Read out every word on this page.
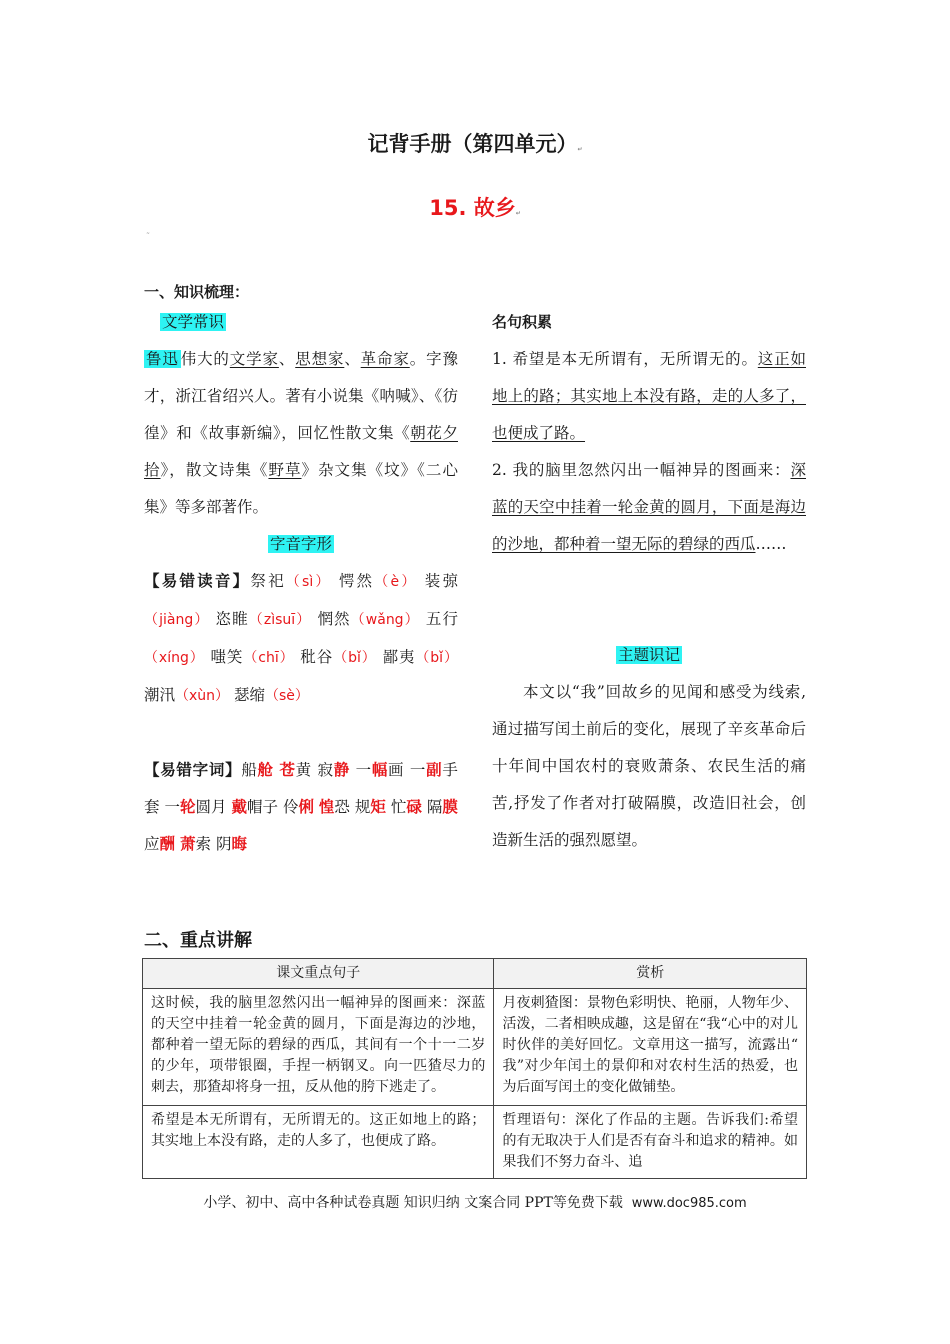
记背手册（第四单元）↵
15. 故乡↵
˜
一、知识梳理：

文学常识

鲁迅 伟大的文学家、思想家、革命家。字豫才，浙江省绍兴人。著有小说集《呐喊》、《彷徨》和《故事新编》，回忆性散文集《朝花夕拾》，散文诗集《野草》杂文集《坟》《二心集》等多部著作。

字音字形

【易错读音】祭祀（sì） 愕然（è） 装弶（jiàng） 恣睢（zìsuī） 惘然（wǎng） 五行（xíng） 嗤笑（chī） 秕谷（bǐ） 鄙夷（bǐ） 潮汛（xùn） 瑟缩（sè）

【易错字词】船舱 苍黄 寂静 一幅画 一副手套 一轮圆月 戴帽子 伶俐 惶恐 规矩 忙碌 隔膜 应酬 萧索 阴晦

名句积累

1. 希望是本无所谓有，无所谓无的。这正如地上的路；其实地上本没有路，走的人多了，也便成了路。

2. 我的脑里忽然闪出一幅神异的图画来：深蓝的天空中挂着一轮金黄的圆月，下面是海边的沙地，都种着一望无际的碧绿的西瓜……

主题识记

本文以“我”回故乡的见闻和感受为线索,通过描写闰土前后的变化，展现了辛亥革命后十年间中国农村的衰败萧条、农民生活的痛苦,抒发了作者对打破隔膜，改造旧社会，创造新生活的强烈愿望。

二、重点讲解
课文重点句子	赏析
这时候，我的脑里忽然闪出一幅神异的图画来：深蓝的天空中挂着一轮金黄的圆月，下面是海边的沙地，都种着一望无际的碧绿的西瓜，其间有一个十一二岁的少年，项带银圈，手捏一柄钢叉。向一匹猹尽力的刺去，那猹却将身一扭，反从他的胯下逃走了。	月夜刺猹图：景物色彩明快、艳丽，人物年少、活泼，二者相映成趣，这是留在“我“心中的对儿时伙伴的美好回忆。文章用这一描写，流露出“ 我”对少年闰土的景仰和对农村生活的热爱，也为后面写闰土的变化做铺垫。

希望是本无所谓有，无所谓无的。这正如地上的路；其实地上本没有路，走的人多了，也便成了路。	哲理语句：深化了作品的主题。告诉我们:希望的有无取决于人们是否有奋斗和追求的精神。如果我们不努力奋斗、追
小学、初中、高中各种试卷真题 知识归纳 文案合同 PPT等免费下载 www.doc985.com
